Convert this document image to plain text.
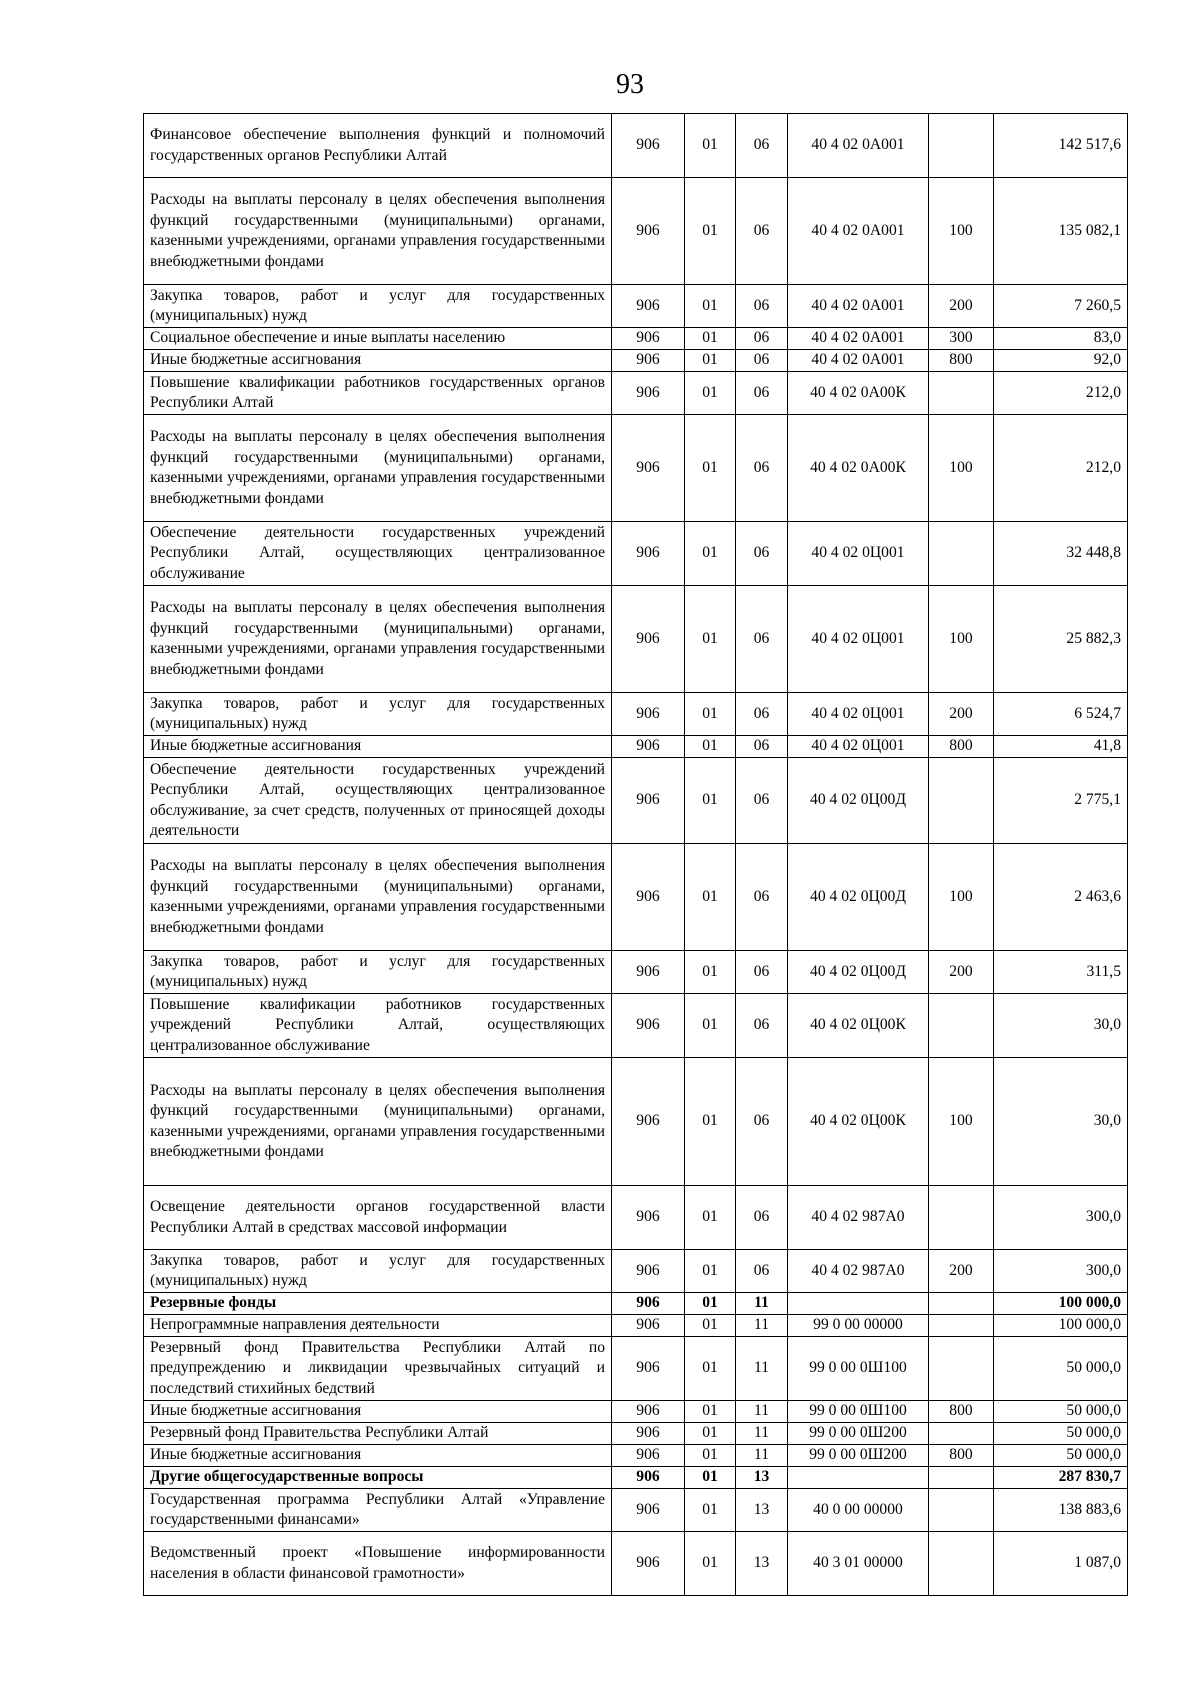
93
Финансовое обеспечение выполнения функций и полномочий государственных органов Республики Алтай	906	01	06	40 4 02 0А001		142 517,6
Расходы на выплаты персоналу в целях обеспечения выполнения функций государственными (муниципальными) органами, казенными учреждениями, органами управления государственными внебюджетными фондами	906	01	06	40 4 02 0А001	100	135 082,1
Закупка товаров, работ и услуг для государственных (муниципальных) нужд	906	01	06	40 4 02 0А001	200	7 260,5
Социальное обеспечение и иные выплаты населению	906	01	06	40 4 02 0А001	300	83,0
Иные бюджетные ассигнования	906	01	06	40 4 02 0А001	800	92,0
Повышение квалификации работников государственных органов Республики Алтай	906	01	06	40 4 02 0А00К		212,0
Расходы на выплаты персоналу в целях обеспечения выполнения функций государственными (муниципальными) органами, казенными учреждениями, органами управления государственными внебюджетными фондами	906	01	06	40 4 02 0А00К	100	212,0
Обеспечение деятельности государственных учреждений Республики Алтай, осуществляющих централизованное обслуживание	906	01	06	40 4 02 0Ц001		32 448,8
Расходы на выплаты персоналу в целях обеспечения выполнения функций государственными (муниципальными) органами, казенными учреждениями, органами управления государственными внебюджетными фондами	906	01	06	40 4 02 0Ц001	100	25 882,3
Закупка товаров, работ и услуг для государственных (муниципальных) нужд	906	01	06	40 4 02 0Ц001	200	6 524,7
Иные бюджетные ассигнования	906	01	06	40 4 02 0Ц001	800	41,8
Обеспечение деятельности государственных учреждений Республики Алтай, осуществляющих централизованное обслуживание, за счет средств, полученных от приносящей доходы деятельности	906	01	06	40 4 02 0Ц00Д		2 775,1
Расходы на выплаты персоналу в целях обеспечения выполнения функций государственными (муниципальными) органами, казенными учреждениями, органами управления государственными внебюджетными фондами	906	01	06	40 4 02 0Ц00Д	100	2 463,6
Закупка товаров, работ и услуг для государственных (муниципальных) нужд	906	01	06	40 4 02 0Ц00Д	200	311,5
Повышение квалификации работников государственных учреждений Республики Алтай, осуществляющих централизованное обслуживание	906	01	06	40 4 02 0Ц00К		30,0
Расходы на выплаты персоналу в целях обеспечения выполнения функций государственными (муниципальными) органами, казенными учреждениями, органами управления государственными внебюджетными фондами	906	01	06	40 4 02 0Ц00К	100	30,0
Освещение деятельности органов государственной власти Республики Алтай в средствах массовой информации	906	01	06	40 4 02 987А0		300,0
Закупка товаров, работ и услуг для государственных (муниципальных) нужд	906	01	06	40 4 02 987А0	200	300,0
Резервные фонды	906	01	11			100 000,0
Непрограммные направления деятельности	906	01	11	99 0 00 00000		100 000,0
Резервный фонд Правительства Республики Алтай по предупреждению и ликвидации чрезвычайных ситуаций и последствий стихийных бедствий	906	01	11	99 0 00 0Ш100		50 000,0
Иные бюджетные ассигнования	906	01	11	99 0 00 0Ш100	800	50 000,0
Резервный фонд Правительства Республики Алтай	906	01	11	99 0 00 0Ш200		50 000,0
Иные бюджетные ассигнования	906	01	11	99 0 00 0Ш200	800	50 000,0
Другие общегосударственные вопросы	906	01	13			287 830,7
Государственная программа Республики Алтай «Управление государственными финансами»	906	01	13	40 0 00 00000		138 883,6
Ведомственный проект «Повышение информированности населения в области финансовой грамотности»	906	01	13	40 3 01 00000		1 087,0
